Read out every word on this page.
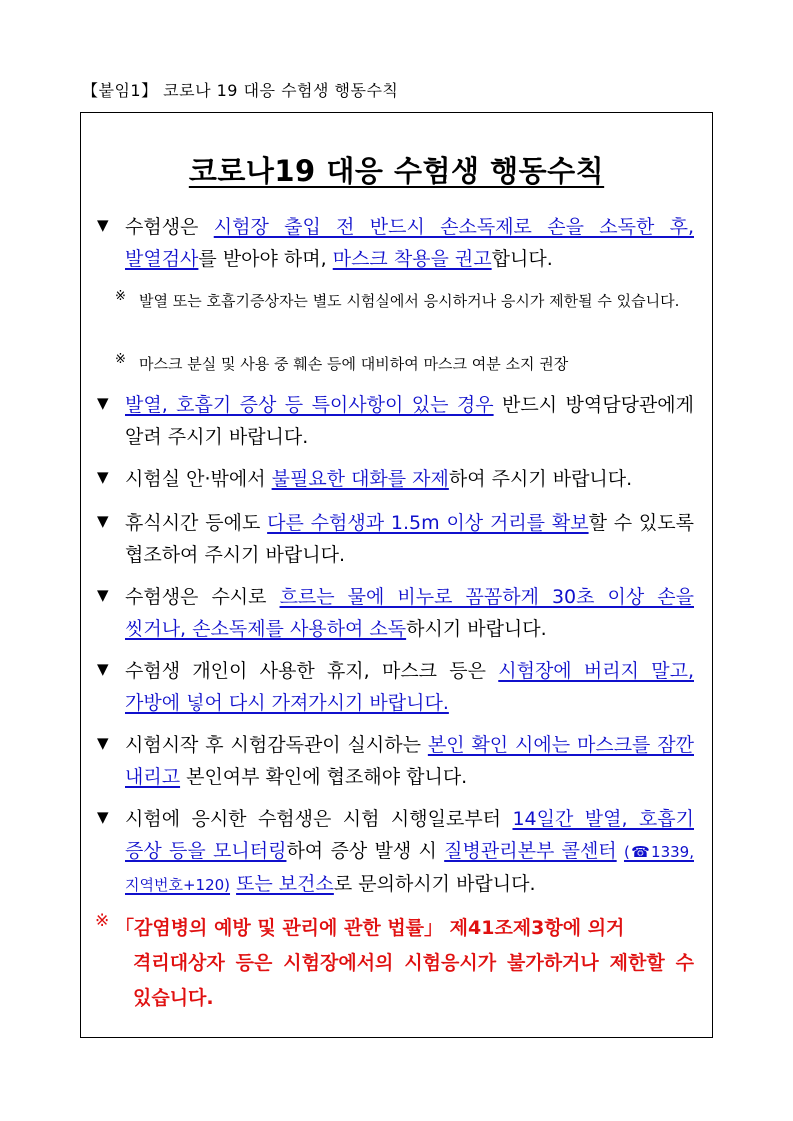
【붙임1】 코로나 19 대응 수험생 행동수칙
코로나19 대응 수험생 행동수칙
▼ 수험생은 시험장 출입 전 반드시 손소독제로 손을 소독한 후, 발열검사를 받아야 하며, 마스크 착용을 권고합니다.
※ 발열 또는 호흡기증상자는 별도 시험실에서 응시하거나 응시가 제한될 수 있습니다.
※ 마스크 분실 및 사용 중 훼손 등에 대비하여 마스크 여분 소지 권장
▼ 발열, 호흡기 증상 등 특이사항이 있는 경우 반드시 방역담당관에게 알려 주시기 바랍니다.
▼ 시험실 안·밖에서 불필요한 대화를 자제하여 주시기 바랍니다.
▼ 휴식시간 등에도 다른 수험생과 1.5m 이상 거리를 확보할 수 있도록 협조하여 주시기 바랍니다.
▼ 수험생은 수시로 흐르는 물에 비누로 꼼꼼하게 30초 이상 손을 씻거나, 손소독제를 사용하여 소독하시기 바랍니다.
▼ 수험생 개인이 사용한 휴지, 마스크 등은 시험장에 버리지 말고, 가방에 넣어 다시 가져가시기 바랍니다.
▼ 시험시작 후 시험감독관이 실시하는 본인 확인 시에는 마스크를 잠깐 내리고 본인여부 확인에 협조해야 합니다.
▼ 시험에 응시한 수험생은 시험 시행일로부터 14일간 발열, 호흡기 증상 등을 모니터링하여 증상 발생 시 질병관리본부 콜센터 (☎1339, 지역번호+120) 또는 보건소로 문의하시기 바랍니다.
※ 「감염병의 예방 및 관리에 관한 법률」 제41조제3항에 의거
격리대상자 등은 시험장에서의 시험응시가 불가하거나 제한할 수 있습니다.
